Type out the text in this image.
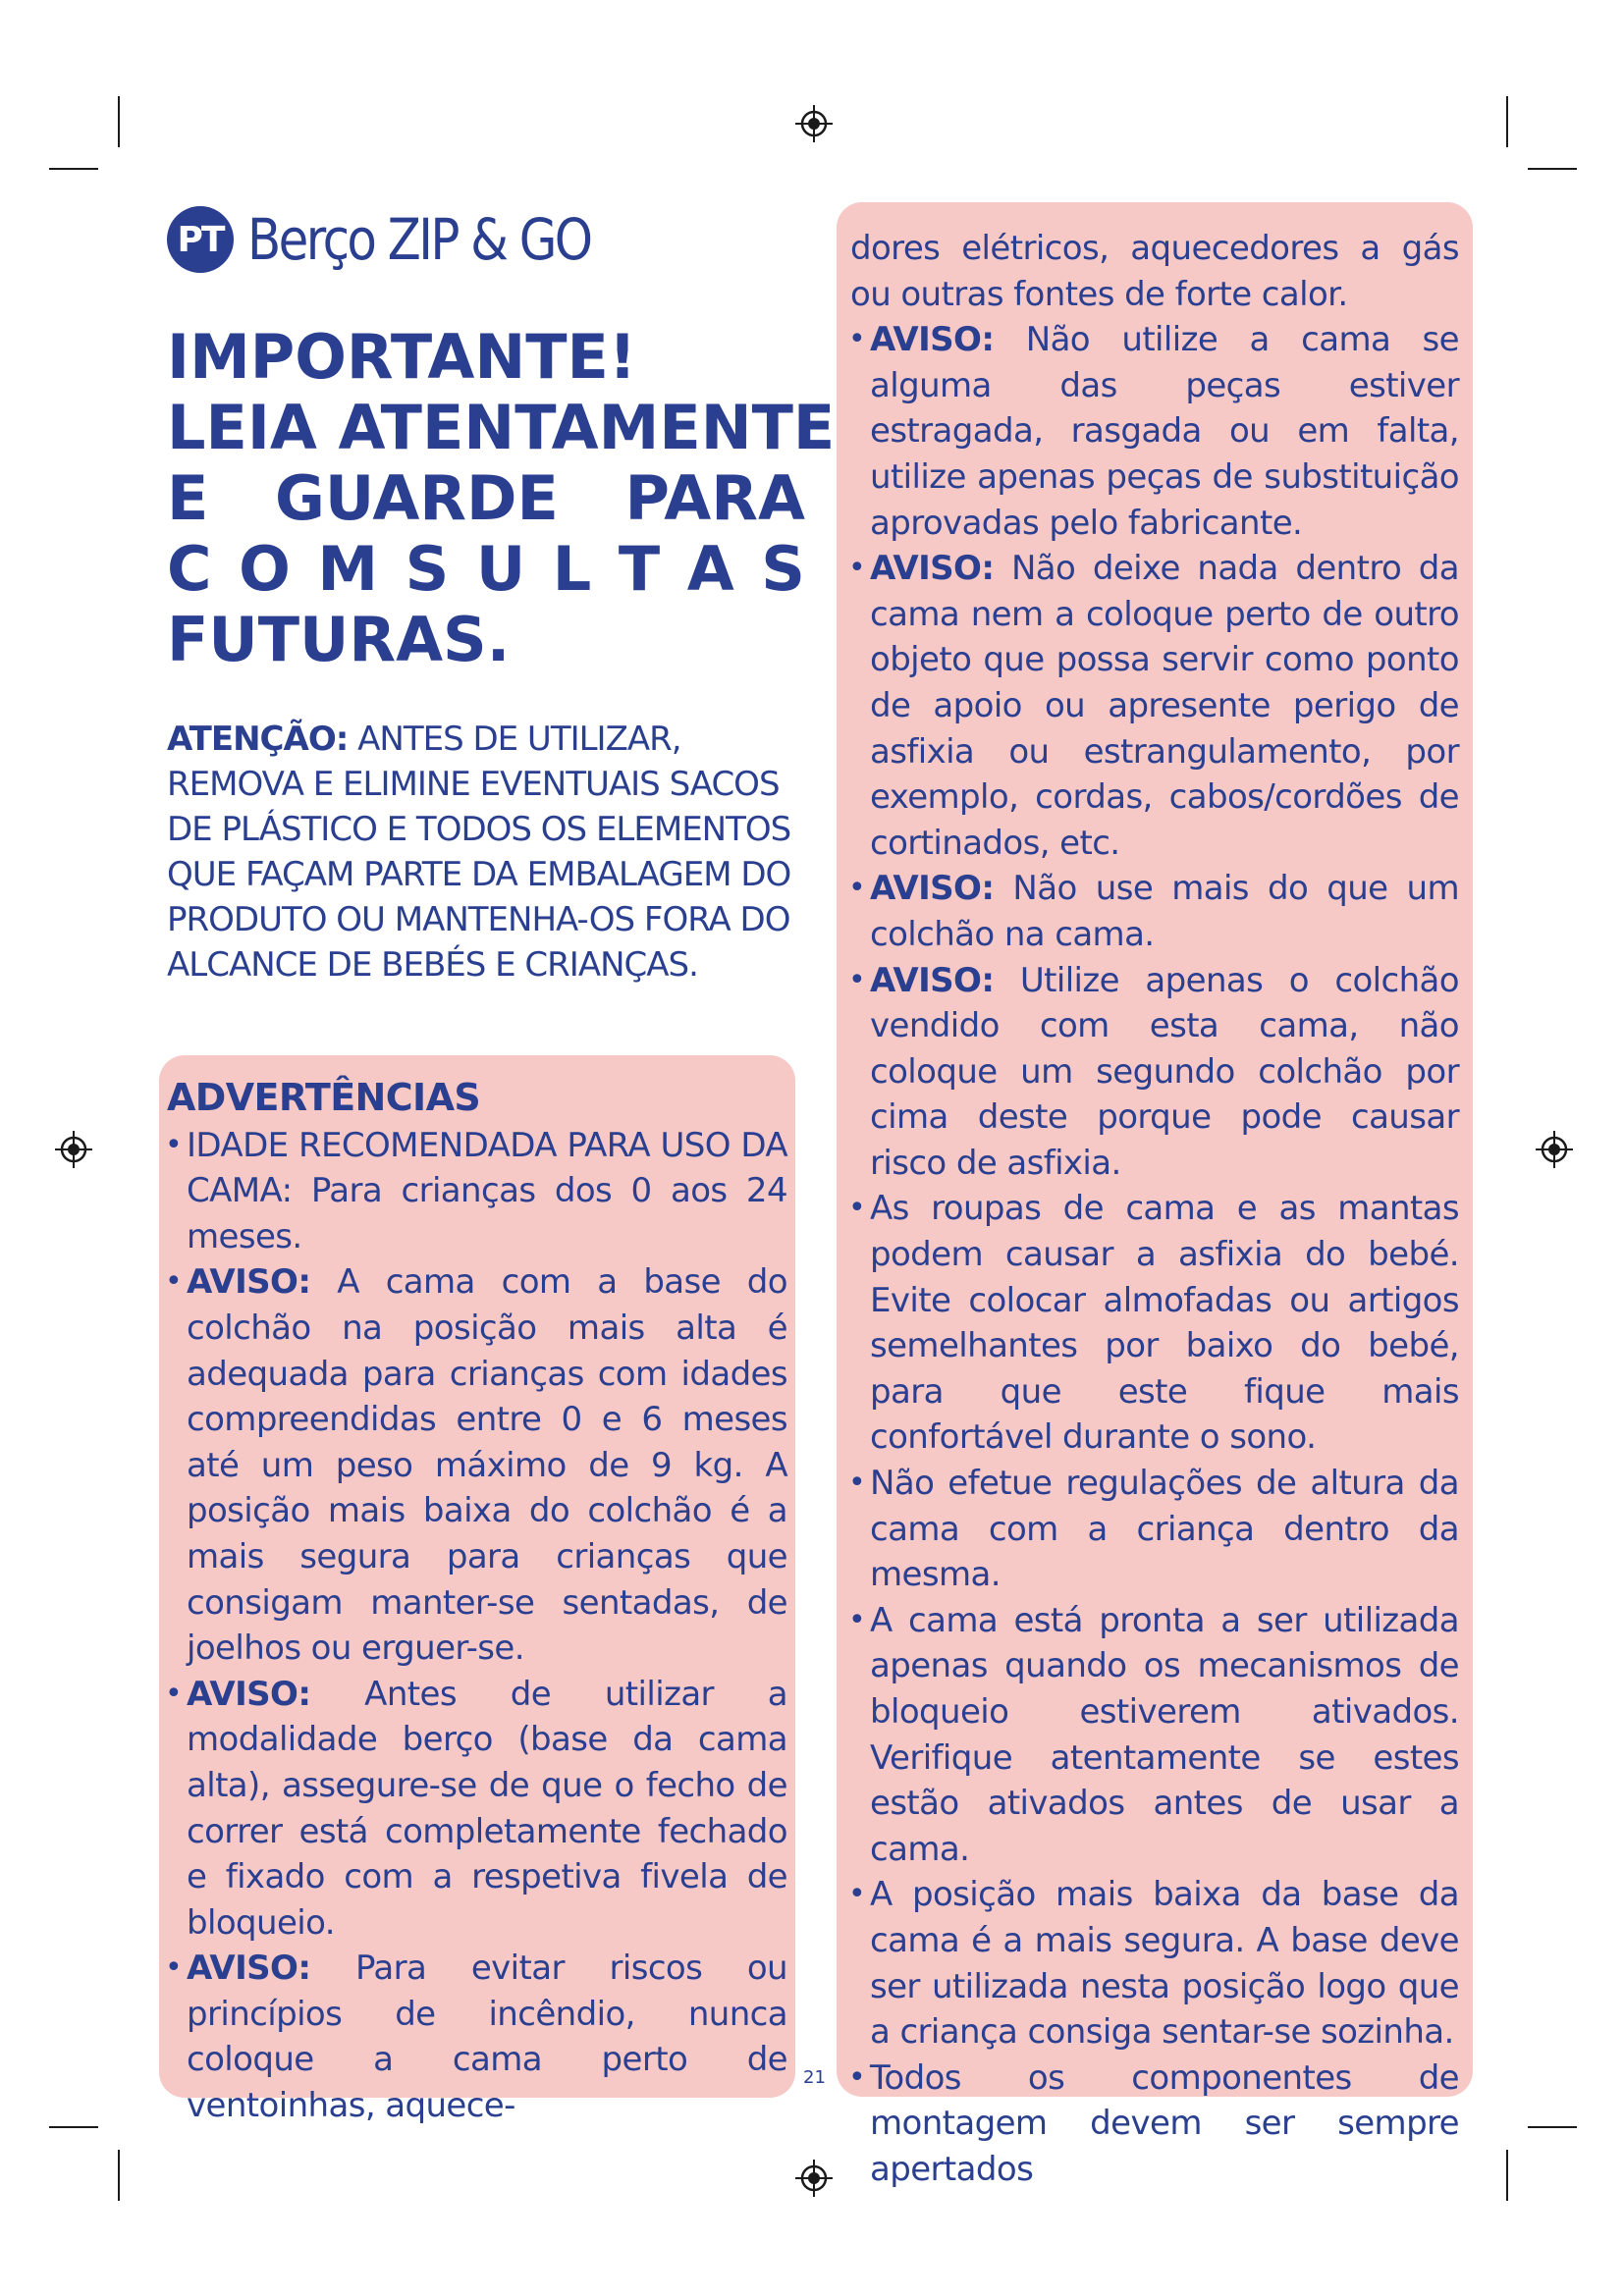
PT Berço ZIP & GO
IMPORTANTE!
LEIA ATENTAMENTE
E GUARDE PARA
C O M S U L T A S
FUTURAS.

ATENÇÃO: ANTES DE UTILIZAR, REMOVA E ELIMINE EVENTUAIS SACOS DE PLÁSTICO E TODOS OS ELEMENTOS QUE FAÇAM PARTE DA EMBALAGEM DO PRODUTO OU MANTENHA-OS FORA DO ALCANCE DE BEBÉS E CRIANÇAS.

ADVERTÊNCIAS
• IDADE RECOMENDADA PARA USO DA CAMA: Para crianças dos 0 aos 24 meses.
• AVISO: A cama com a base do colchão na posição mais alta é adequada para crianças com idades compreendidas entre 0 e 6 meses até um peso máximo de 9 kg. A posição mais baixa do colchão é a mais segura para crianças que consigam manter-se sentadas, de joelhos ou erguer-se.
• AVISO: Antes de utilizar a modalidade berço (base da cama alta), assegure-se de que o fecho de correr está completamente fechado e fixado com a respetiva fivela de bloqueio.
• AVISO: Para evitar riscos ou princípios de incêndio, nunca coloque a cama perto de ventoinhas, aquece-
dores elétricos, aquecedores a gás ou outras fontes de forte calor.
• AVISO: Não utilize a cama se alguma das peças estiver estragada, rasgada ou em falta, utilize apenas peças de substituição aprovadas pelo fabricante.
• AVISO: Não deixe nada dentro da cama nem a coloque perto de outro objeto que possa servir como ponto de apoio ou apresente perigo de asfixia ou estrangulamento, por exemplo, cordas, cabos/cordões de cortinados, etc.
• AVISO: Não use mais do que um colchão na cama.
• AVISO: Utilize apenas o colchão vendido com esta cama, não coloque um segundo colchão por cima deste porque pode causar risco de asfixia.
• As roupas de cama e as mantas podem causar a asfixia do bebé. Evite colocar almofadas ou artigos semelhantes por baixo do bebé, para que este fique mais confortável durante o sono.
• Não efetue regulações de altura da cama com a criança dentro da mesma.
• A cama está pronta a ser utilizada apenas quando os mecanismos de bloqueio estiverem ativados. Verifique atentamente se estes estão ativados antes de usar a cama.
• A posição mais baixa da base da cama é a mais segura. A base deve ser utilizada nesta posição logo que a criança consiga sentar-se sozinha.
• Todos os componentes de montagem devem ser sempre apertados
21
